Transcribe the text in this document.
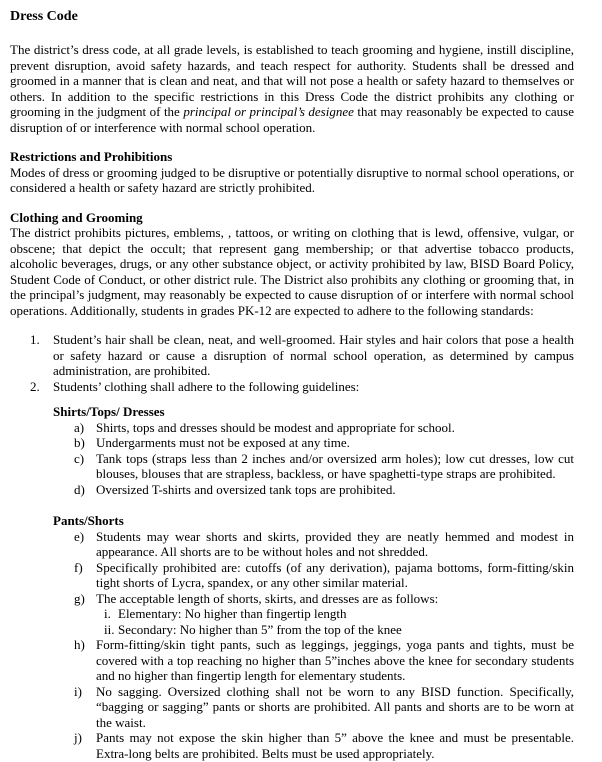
Dress Code

The district’s dress code, at all grade levels, is established to teach grooming and hygiene, instill discipline, prevent disruption, avoid safety hazards, and teach respect for authority. Students shall be dressed and groomed in a manner that is clean and neat, and that will not pose a health or safety hazard to themselves or others. In addition to the specific restrictions in this Dress Code the district prohibits any clothing or grooming in the judgment of the principal or principal’s designee that may reasonably be expected to cause disruption of or interference with normal school operation.

Restrictions and Prohibitions

Modes of dress or grooming judged to be disruptive or potentially disruptive to normal school operations, or considered a health or safety hazard are strictly prohibited.

Clothing and Grooming

The district prohibits pictures, emblems, , tattoos, or writing on clothing that is lewd, offensive, vulgar, or obscene; that depict the occult; that represent gang membership; or that advertise tobacco products, alcoholic beverages, drugs, or any other substance object, or activity prohibited by law, BISD Board Policy, Student Code of Conduct, or other district rule. The District also prohibits any clothing or grooming that, in the principal’s judgment, may reasonably be expected to cause disruption of or interfere with normal school operations. Additionally, students in grades PK-12 are expected to adhere to the following standards:

1. Student’s hair shall be clean, neat, and well-groomed. Hair styles and hair colors that pose a health or safety hazard or cause a disruption of normal school operation, as determined by campus administration, are prohibited.
2. Students’ clothing shall adhere to the following guidelines:
Shirts/Tops/ Dresses
a) Shirts, tops and dresses should be modest and appropriate for school.
b) Undergarments must not be exposed at any time.
c) Tank tops (straps less than 2 inches and/or oversized arm holes); low cut dresses, low cut blouses, blouses that are strapless, backless, or have spaghetti-type straps are prohibited.
d) Oversized T-shirts and oversized tank tops are prohibited.
Pants/Shorts
e) Students may wear shorts and skirts, provided they are neatly hemmed and modest in appearance. All shorts are to be without holes and not shredded.
f) Specifically prohibited are: cutoffs (of any derivation), pajama bottoms, form-fitting/skin tight shorts of Lycra, spandex, or any other similar material.
g) The acceptable length of shorts, skirts, and dresses are as follows:
i. Elementary: No higher than fingertip length
ii. Secondary: No higher than 5” from the top of the knee
h) Form-fitting/skin tight pants, such as leggings, jeggings, yoga pants and tights, must be covered with a top reaching no higher than 5”inches above the knee for secondary students and no higher than fingertip length for elementary students.
i) No sagging. Oversized clothing shall not be worn to any BISD function. Specifically, “bagging or sagging” pants or shorts are prohibited. All pants and shorts are to be worn at the waist.
j) Pants may not expose the skin higher than 5” above the knee and must be presentable. Extra-long belts are prohibited. Belts must be used appropriately.
